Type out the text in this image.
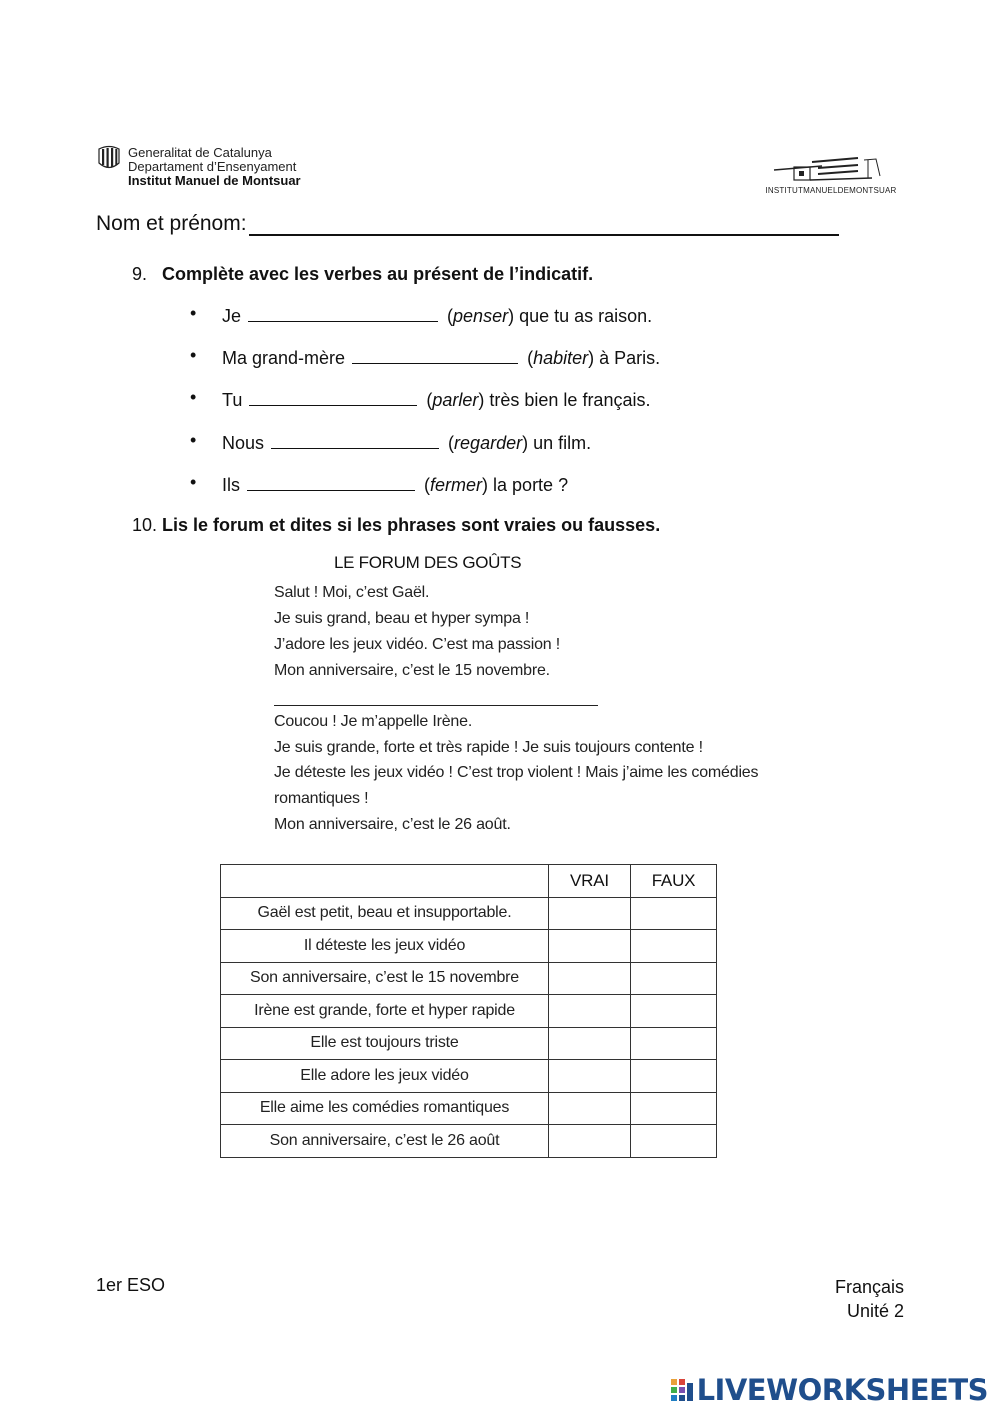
Generalitat de Catalunya
Departament d’Ensenyament
Institut Manuel de Montsuar
INSTITUTMANUELDEMONTSUAR
Nom et prénom:
9. Complète avec les verbes au présent de l’indicatif.
• Je	(penser) que tu as raison.
• Ma grand-mère	(habiter) à Paris.
• Tu	(parler) très bien le français.
• Nous	(regarder) un film.
• Ils	(fermer) la porte ?
10. Lis le forum et dites si les phrases sont vraies ou fausses.
LE FORUM DES GOÛTS
Salut ! Moi, c’est Gaël.
Je suis grand, beau et hyper sympa !
J’adore les jeux vidéo. C’est ma passion !
Mon anniversaire, c’est le 15 novembre.
Coucou ! Je m’appelle Irène.
Je suis grande, forte et très rapide ! Je suis toujours contente !
Je déteste les jeux vidéo ! C’est trop violent ! Mais j’aime les comédies
romantiques !
Mon anniversaire, c’est le 26 août.
	VRAI	FAUX
Gaël est petit, beau et insupportable.		
Il déteste les jeux vidéo		
Son anniversaire, c’est le 15 novembre		
Irène est grande, forte et hyper rapide		
Elle est toujours triste		
Elle adore les jeux vidéo		
Elle aime les comédies romantiques		
Son anniversaire, c’est le 26 août		
1er ESO	Français
Unité 2
LIVEWORKSHEETS
